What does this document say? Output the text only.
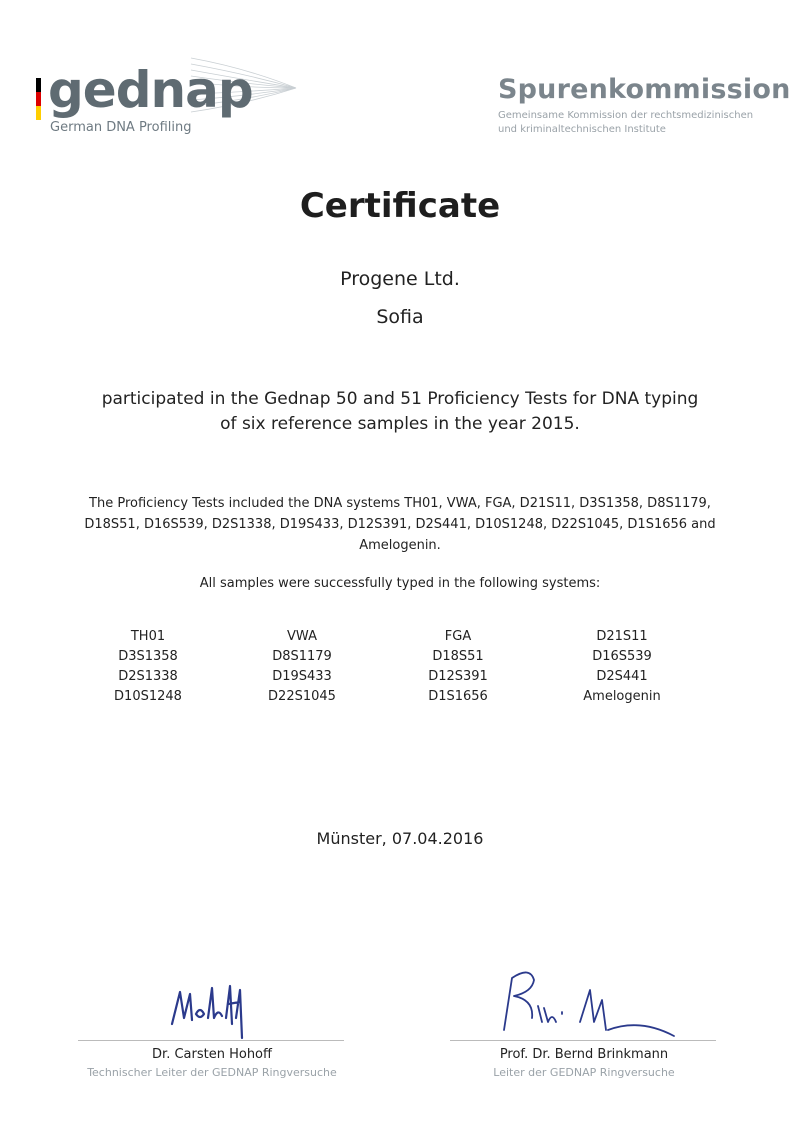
gednap
German DNA Profiling
Spurenkommission
Gemeinsame Kommission der rechtsmedizinischen
und kriminaltechnischen Institute
Certificate
Progene Ltd.
Sofia
participated in the Gednap 50 and 51 Proficiency Tests for DNA typing
of six reference samples in the year 2015.
The Proficiency Tests included the DNA systems TH01, VWA, FGA, D21S11, D3S1358, D8S1179,
D18S51, D16S539, D2S1338, D19S433, D12S391, D2S441, D10S1248, D22S1045, D1S1656 and
Amelogenin.
All samples were successfully typed in the following systems:
TH01
D3S1358
D2S1338
D10S1248
VWA
D8S1179
D19S433
D22S1045
FGA
D18S51
D12S391
D1S1656
D21S11
D16S539
D2S441
Amelogenin
Münster, 07.04.2016
Dr. Carsten Hohoff
Technischer Leiter der GEDNAP Ringversuche
Prof. Dr. Bernd Brinkmann
Leiter der GEDNAP Ringversuche
